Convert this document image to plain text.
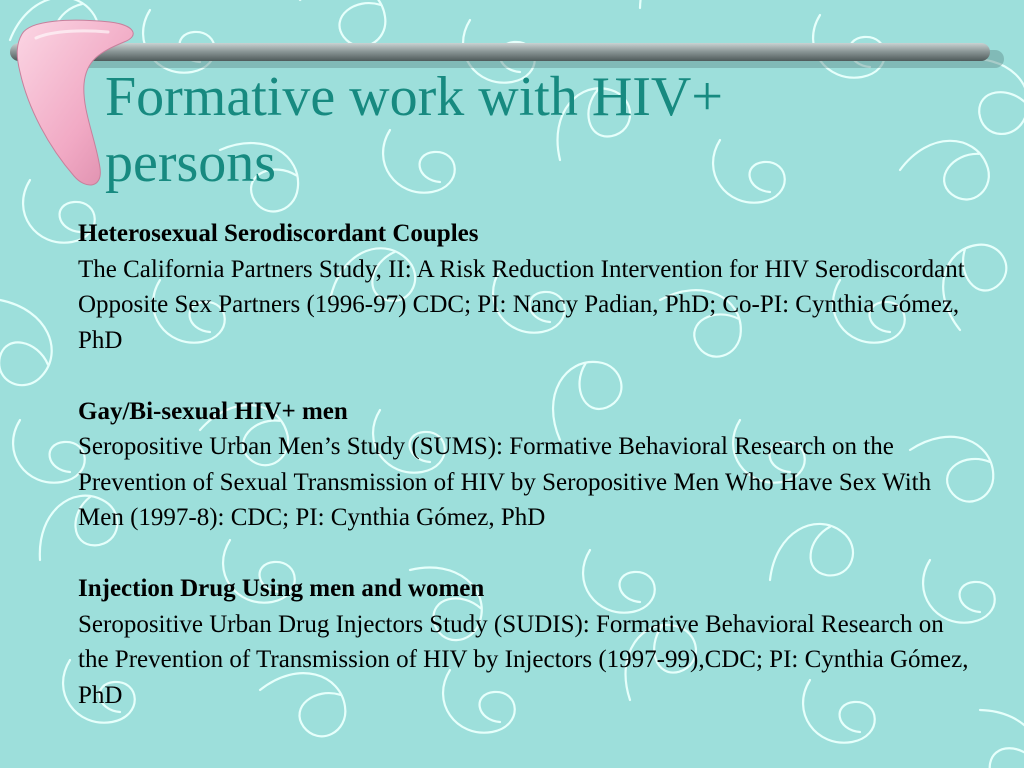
Formative work with HIV+
persons
Heterosexual Serodiscordant Couples
The California Partners Study, II: A Risk Reduction Intervention for HIV Serodiscordant Opposite Sex Partners (1996-97) CDC; PI: Nancy Padian, PhD; Co-PI: Cynthia Gómez, PhD
Gay/Bi-sexual HIV+ men
Seropositive Urban Men’s Study (SUMS): Formative Behavioral Research on the Prevention of Sexual Transmission of HIV by Seropositive Men Who Have Sex With Men (1997-8): CDC; PI: Cynthia Gómez, PhD
Injection Drug Using men and women
Seropositive Urban Drug Injectors Study (SUDIS): Formative Behavioral Research on the Prevention of Transmission of HIV by Injectors (1997-99),CDC; PI: Cynthia Gómez, PhD
